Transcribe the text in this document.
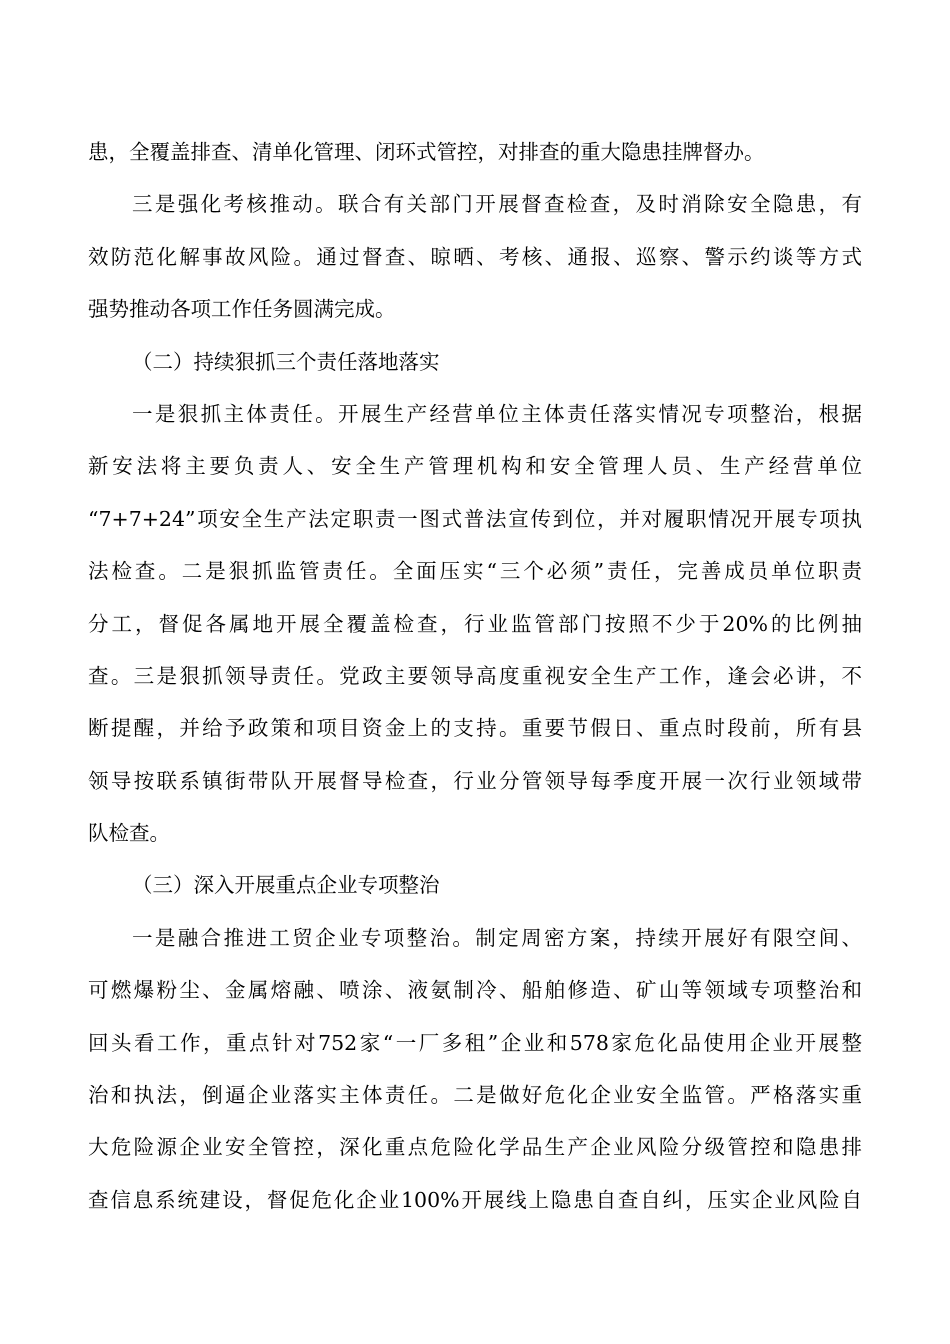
患，全覆盖排查、清单化管理、闭环式管控，对排查的重大隐患挂牌督办。
三是强化考核推动。联合有关部门开展督查检查，及时消除安全隐患，有
效防范化解事故风险。通过督查、晾晒、考核、通报、巡察、警示约谈等方式
强势推动各项工作任务圆满完成。
（二）持续狠抓三个责任落地落实
一是狠抓主体责任。开展生产经营单位主体责任落实情况专项整治，根据
新安法将主要负责人、安全生产管理机构和安全管理人员、生产经营单位
“7+7+24”项安全生产法定职责一图式普法宣传到位，并对履职情况开展专项执
法检查。二是狠抓监管责任。全面压实“三个必须”责任，完善成员单位职责
分工，督促各属地开展全覆盖检查，行业监管部门按照不少于20%的比例抽
查。三是狠抓领导责任。党政主要领导高度重视安全生产工作，逢会必讲，不
断提醒，并给予政策和项目资金上的支持。重要节假日、重点时段前，所有县
领导按联系镇街带队开展督导检查，行业分管领导每季度开展一次行业领域带
队检查。
（三）深入开展重点企业专项整治
一是融合推进工贸企业专项整治。制定周密方案，持续开展好有限空间、
可燃爆粉尘、金属熔融、喷涂、液氨制冷、船舶修造、矿山等领域专项整治和
回头看工作，重点针对752家“一厂多租”企业和578家危化品使用企业开展整
治和执法，倒逼企业落实主体责任。二是做好危化企业安全监管。严格落实重
大危险源企业安全管控，深化重点危险化学品生产企业风险分级管控和隐患排
查信息系统建设，督促危化企业100%开展线上隐患自查自纠，压实企业风险自
